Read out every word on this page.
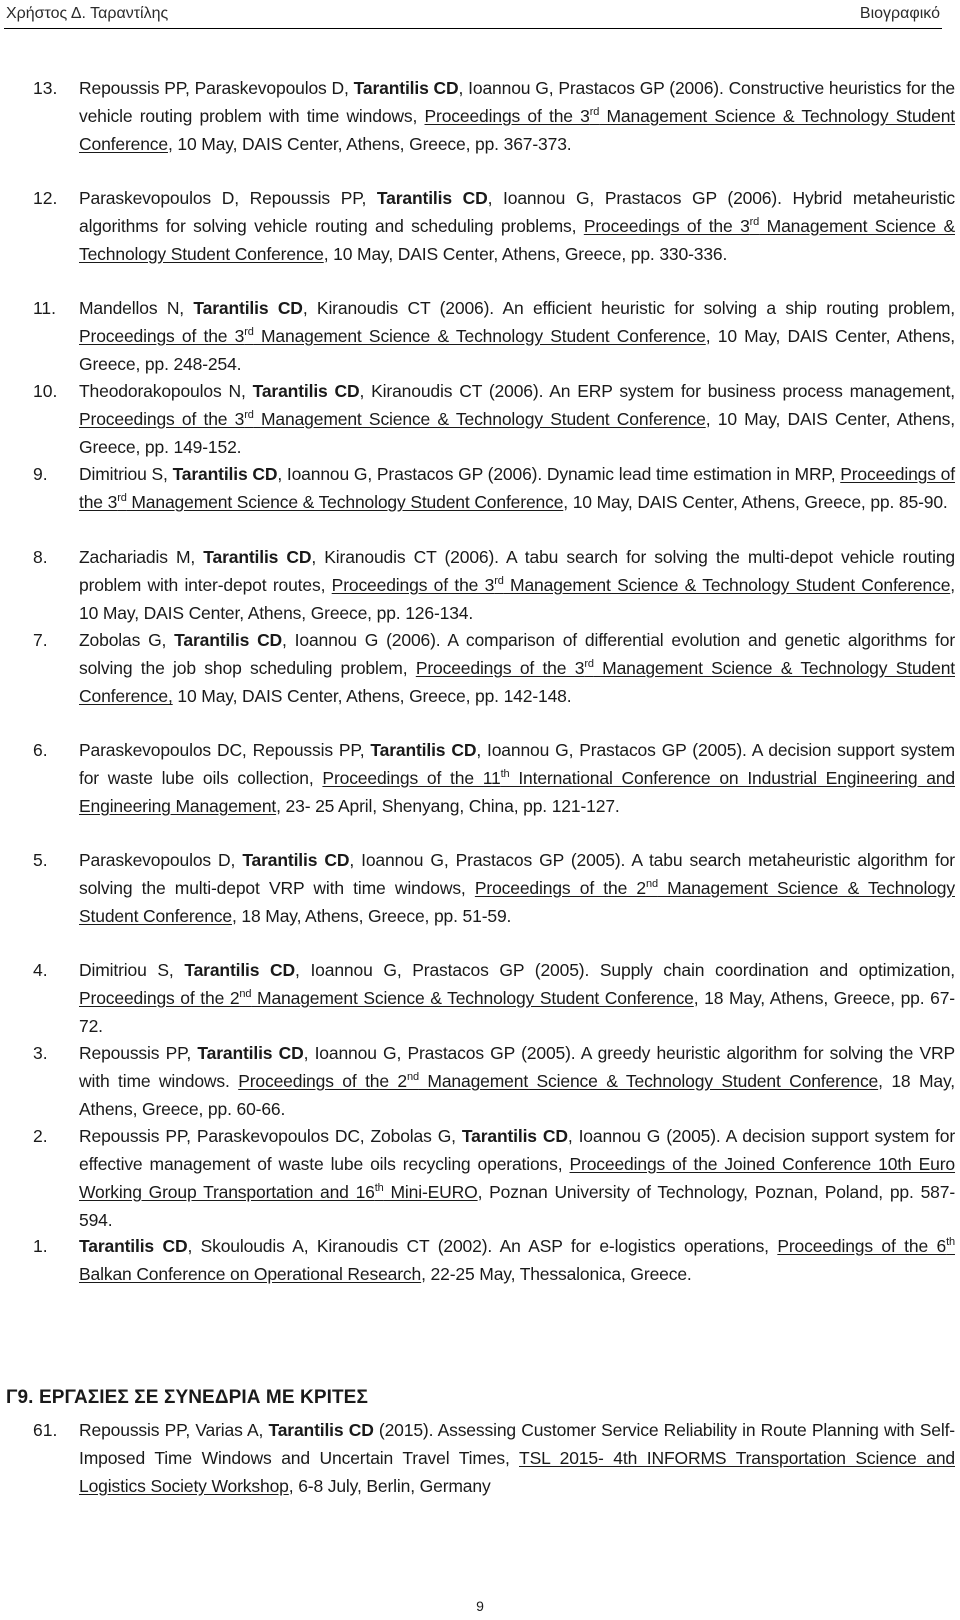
Χρήστος Δ. Ταραντίλης	Βιογραφικό
13. Repoussis PP, Paraskevopoulos D, Tarantilis CD, Ioannou G, Prastacos GP (2006). Constructive heuristics for the vehicle routing problem with time windows, Proceedings of the 3rd Management Science & Technology Student Conference, 10 May, DAIS Center, Athens, Greece, pp. 367-373.
12. Paraskevopoulos D, Repoussis PP, Tarantilis CD, Ioannou G, Prastacos GP (2006). Hybrid metaheuristic algorithms for solving vehicle routing and scheduling problems, Proceedings of the 3rd Management Science & Technology Student Conference, 10 May, DAIS Center, Athens, Greece, pp. 330-336.
11. Mandellos N, Tarantilis CD, Kiranoudis CT (2006). An efficient heuristic for solving a ship routing problem, Proceedings of the 3rd Management Science & Technology Student Conference, 10 May, DAIS Center, Athens, Greece, pp. 248-254.
10. Theodorakopoulos N, Tarantilis CD, Kiranoudis CT (2006). An ERP system for business process management, Proceedings of the 3rd Management Science & Technology Student Conference, 10 May, DAIS Center, Athens, Greece, pp. 149-152.
9. Dimitriou S, Tarantilis CD, Ioannou G, Prastacos GP (2006). Dynamic lead time estimation in MRP, Proceedings of the 3rd Management Science & Technology Student Conference, 10 May, DAIS Center, Athens, Greece, pp. 85-90.
8. Zachariadis M, Tarantilis CD, Kiranoudis CT (2006). A tabu search for solving the multi-depot vehicle routing problem with inter-depot routes, Proceedings of the 3rd Management Science & Technology Student Conference, 10 May, DAIS Center, Athens, Greece, pp. 126-134.
7. Zobolas G, Tarantilis CD, Ioannou G (2006). A comparison of differential evolution and genetic algorithms for solving the job shop scheduling problem, Proceedings of the 3rd Management Science & Technology Student Conference, 10 May, DAIS Center, Athens, Greece, pp. 142-148.
6. Paraskevopoulos DC, Repoussis PP, Tarantilis CD, Ioannou G, Prastacos GP (2005). A decision support system for waste lube oils collection, Proceedings of the 11th International Conference on Industrial Engineering and Engineering Management, 23- 25 April, Shenyang, China, pp. 121-127.
5. Paraskevopoulos D, Tarantilis CD, Ioannou G, Prastacos GP (2005). A tabu search metaheuristic algorithm for solving the multi-depot VRP with time windows, Proceedings of the 2nd Management Science & Technology Student Conference, 18 May, Athens, Greece, pp. 51-59.
4. Dimitriou S, Tarantilis CD, Ioannou G, Prastacos GP (2005). Supply chain coordination and optimization, Proceedings of the 2nd Management Science & Technology Student Conference, 18 May, Athens, Greece, pp. 67-72.
3. Repoussis PP, Tarantilis CD, Ioannou G, Prastacos GP (2005). A greedy heuristic algorithm for solving the VRP with time windows. Proceedings of the 2nd Management Science & Technology Student Conference, 18 May, Athens, Greece, pp. 60-66.
2. Repoussis PP, Paraskevopoulos DC, Zobolas G, Tarantilis CD, Ioannou G (2005). A decision support system for effective management of waste lube oils recycling operations, Proceedings of the Joined Conference 10th Euro Working Group Transportation and 16th Mini-EURO, Poznan University of Technology, Poznan, Poland, pp. 587-594.
1. Tarantilis CD, Skouloudis A, Kiranoudis CT (2002). An ASP for e-logistics operations, Proceedings of the 6th Balkan Conference on Operational Research, 22-25 May, Thessalonica, Greece.
Γ9. ΕΡΓΑΣΙΕΣ ΣΕ ΣΥΝΕΔΡΙΑ ΜΕ ΚΡΙΤΕΣ
61. Repoussis PP, Varias A, Tarantilis CD (2015). Assessing Customer Service Reliability in Route Planning with Self-Imposed Time Windows and Uncertain Travel Times, TSL 2015- 4th INFORMS Transportation Science and Logistics Society Workshop, 6-8 July, Berlin, Germany
9
